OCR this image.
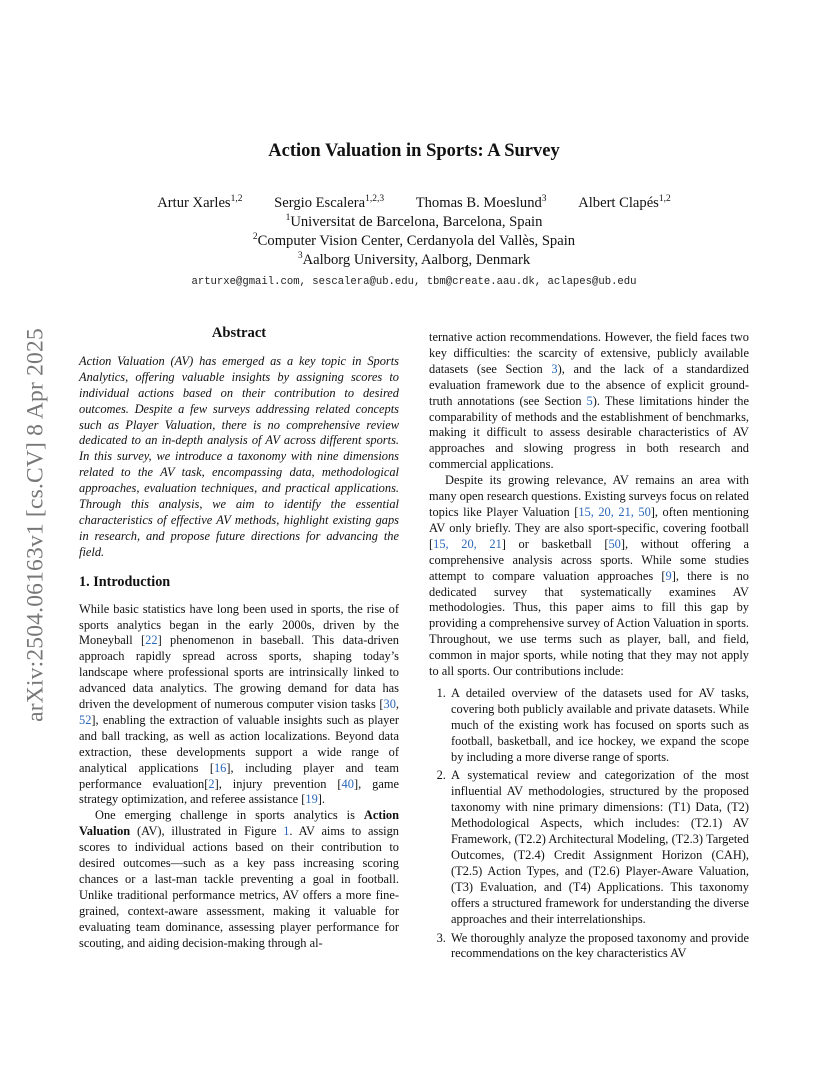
arXiv:2504.06163v1 [cs.CV] 8 Apr 2025
Action Valuation in Sports: A Survey
Artur Xarles$^{1,2}$ Sergio Escalera$^{1,2,3}$ Thomas B. Moeslund$^3$ Albert Clapés$^{1,2}$
$^1$Universitat de Barcelona, Barcelona, Spain
$^2$Computer Vision Center, Cerdanyola del Vallès, Spain
$^3$Aalborg University, Aalborg, Denmark
arturxe@gmail.com, sescalera@ub.edu, tbm@create.aau.dk, aclapes@ub.edu
Abstract

Action Valuation (AV) has emerged as a key topic in Sports Analytics, offering valuable insights by assigning scores to individual actions based on their contribution to desired outcomes. Despite a few surveys addressing related concepts such as Player Valuation, there is no comprehensive review dedicated to an in-depth analysis of AV across different sports. In this survey, we introduce a taxonomy with nine dimensions related to the AV task, encompassing data, methodological approaches, evaluation techniques, and practical applications. Through this analysis, we aim to identify the essential characteristics of effective AV methods, highlight existing gaps in research, and propose future directions for advancing the field.

1. Introduction

While basic statistics have long been used in sports, the rise of sports analytics began in the early 2000s, driven by the Moneyball [22] phenomenon in baseball. This data-driven approach rapidly spread across sports, shaping today’s landscape where professional sports are intrinsically linked to advanced data analytics. The growing demand for data has driven the development of numerous computer vision tasks [30, 52], enabling the extraction of valuable insights such as player and ball tracking, as well as action localizations. Beyond data extraction, these developments support a wide range of analytical applications [16], including player and team performance evaluation[2], injury prevention [40], game strategy optimization, and referee assistance [19].

One emerging challenge in sports analytics is Action Valuation (AV), illustrated in Figure 1. AV aims to assign scores to individual actions based on their contribution to desired outcomes—such as a key pass increasing scoring chances or a last-man tackle preventing a goal in football. Unlike traditional performance metrics, AV offers a more fine-grained, context-aware assessment, making it valuable for evaluating team dominance, assessing player performance for scouting, and aiding decision-making through al-

ternative action recommendations. However, the field faces two key difficulties: the scarcity of extensive, publicly available datasets (see Section 3), and the lack of a standardized evaluation framework due to the absence of explicit ground-truth annotations (see Section 5). These limitations hinder the comparability of methods and the establishment of benchmarks, making it difficult to assess desirable characteristics of AV approaches and slowing progress in both research and commercial applications.

Despite its growing relevance, AV remains an area with many open research questions. Existing surveys focus on related topics like Player Valuation [15, 20, 21, 50], often mentioning AV only briefly. They are also sport-specific, covering football [15, 20, 21] or basketball [50], without offering a comprehensive analysis across sports. While some studies attempt to compare valuation approaches [9], there is no dedicated survey that systematically examines AV methodologies. Thus, this paper aims to fill this gap by providing a comprehensive survey of Action Valuation in sports. Throughout, we use terms such as player, ball, and field, common in major sports, while noting that they may not apply to all sports. Our contributions include:

1. A detailed overview of the datasets used for AV tasks, covering both publicly available and private datasets. While much of the existing work has focused on sports such as football, basketball, and ice hockey, we expand the scope by including a more diverse range of sports.
2. A systematical review and categorization of the most influential AV methodologies, structured by the proposed taxonomy with nine primary dimensions: (T1) Data, (T2) Methodological Aspects, which includes: (T2.1) AV Framework, (T2.2) Architectural Modeling, (T2.3) Targeted Outcomes, (T2.4) Credit Assignment Horizon (CAH), (T2.5) Action Types, and (T2.6) Player-Aware Valuation, (T3) Evaluation, and (T4) Applications. This taxonomy offers a structured framework for understanding the diverse approaches and their interrelationships.
3. We thoroughly analyze the proposed taxonomy and provide recommendations on the key characteristics AV
